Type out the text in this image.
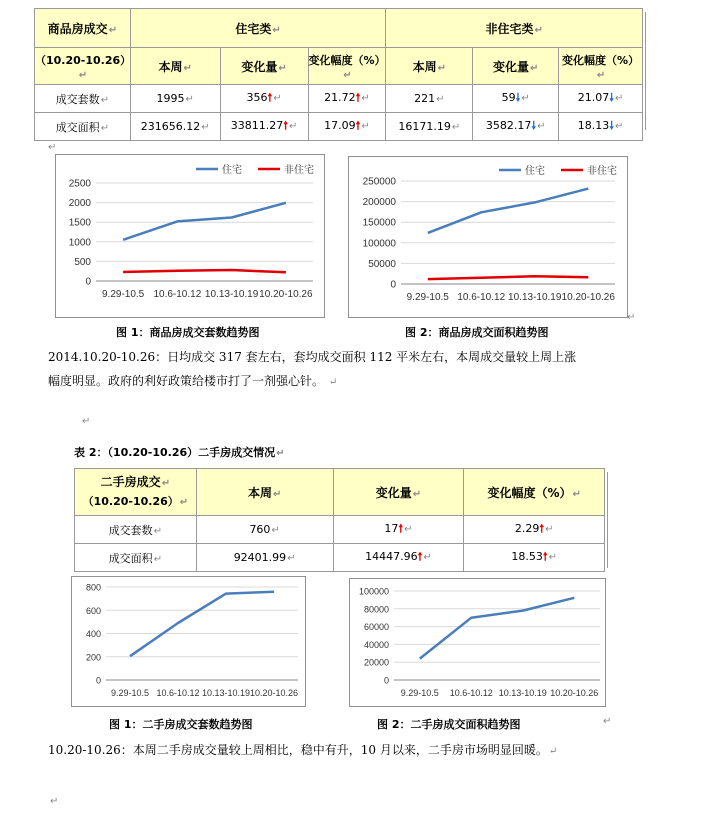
商品房成交↵	住宅类↵			非住宅类↵		
（10.20-10.26）↵	本周↵	变化量↵	变化幅度（%）↵	本周↵	变化量↵	变化幅度（%）↵
成交套数↵	1995↵	356🠕↵	21.72🠕↵	221↵	59🠗↵	21.07🠗↵
成交面积↵	231656.12↵	33811.27🠕↵	17.09🠕↵	16171.19↵	3582.17🠗↵	18.13🠗↵
↵
0
500
1000
1500
2000
2500
9.29-10.5 10.6-10.12 10.13-10.19 10.20-10.26
住宅	非住宅
0
50000
100000
150000
200000
250000
9.29-10.5 10.6-10.12 10.13-10.19 10.20-10.26
住宅	非住宅
图 1：商品房成交套数趋势图	图 2：商品房成交面积趋势图
↵
2014.10.20-10.26：日均成交 317 套左右，套均成交面积 112 平米左右，本周成交量较上周上涨
幅度明显。政府的利好政策给楼市打了一剂强心针。 ↵
↵
表 2：（10.20-10.26）二手房成交情况↵
二手房成交↵
（10.20-10.26）↵	本周↵	变化量↵	变化幅度（%）↵
成交套数↵	760↵	17🠕↵	2.29🠕↵
成交面积↵	92401.99↵	14447.96🠕↵	18.53🠕↵
0
200
400
600
800
9.29-10.5 10.6-10.12 10.13-10.19 10.20-10.26
0
20000
40000
60000
80000
100000
9.29-10.5 10.6-10.12 10.13-10.19 10.20-10.26
图 1：二手房成交套数趋势图	图 2：二手房成交面积趋势图	↵
10.20-10.26：本周二手房成交量较上周相比，稳中有升，10 月以来，二手房市场明显回暖。↵
↵
